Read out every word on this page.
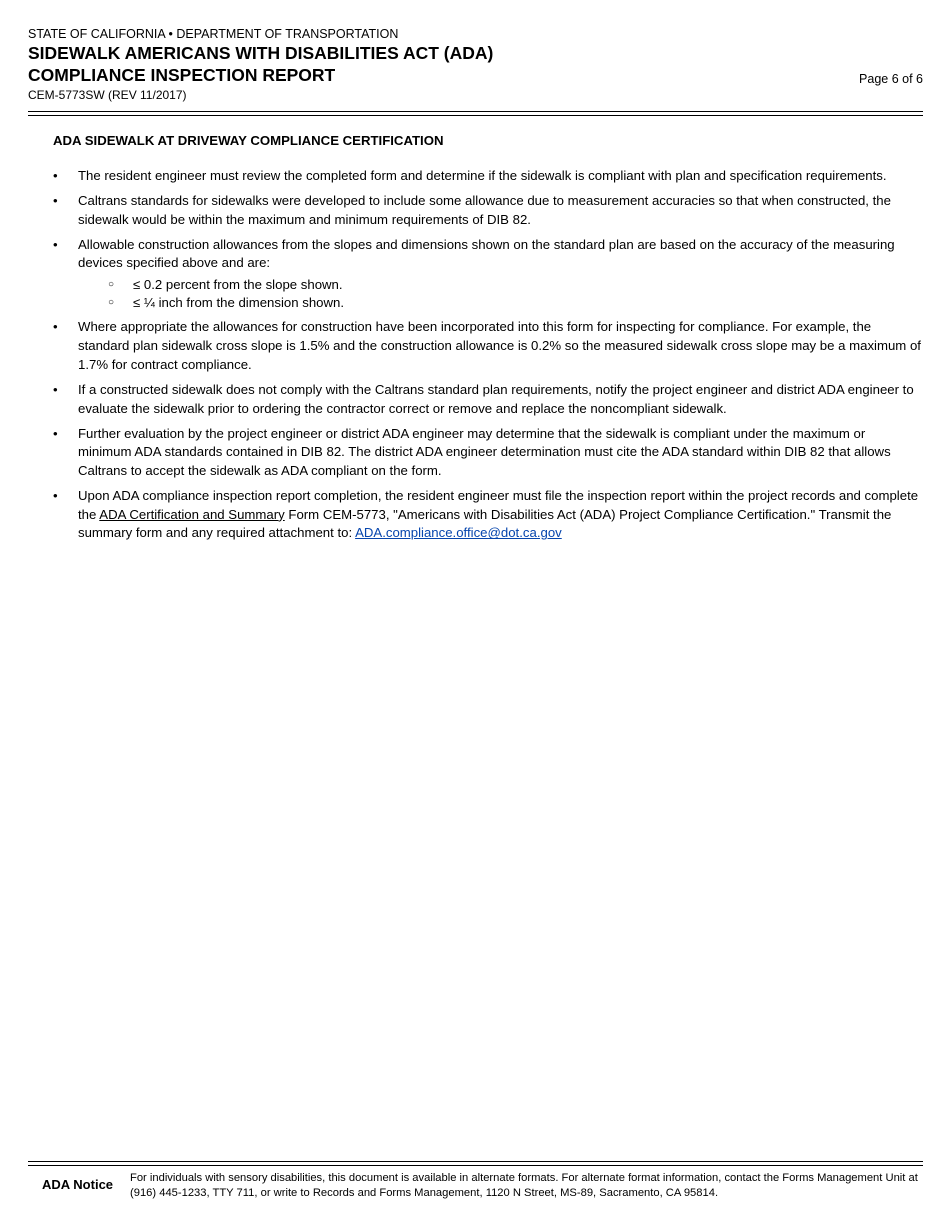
STATE OF CALIFORNIA • DEPARTMENT OF TRANSPORTATION
SIDEWALK AMERICANS WITH DISABILITIES ACT (ADA)
COMPLIANCE INSPECTION REPORT
CEM-5773SW (REV 11/2017)
Page 6 of 6
ADA SIDEWALK AT DRIVEWAY COMPLIANCE CERTIFICATION
• The resident engineer must review the completed form and determine if the sidewalk is compliant with plan and specification requirements.
• Caltrans standards for sidewalks were developed to include some allowance due to measurement accuracies so that when constructed, the sidewalk would be within the maximum and minimum requirements of DIB 82.
• Allowable construction allowances from the slopes and dimensions shown on the standard plan are based on the accuracy of the measuring devices specified above and are:
○ ≤ 0.2 percent from the slope shown.
○ ≤ ¼ inch from the dimension shown.
• Where appropriate the allowances for construction have been incorporated into this form for inspecting for compliance. For example, the standard plan sidewalk cross slope is 1.5% and the construction allowance is 0.2% so the measured sidewalk cross slope may be a maximum of 1.7% for contract compliance.
• If a constructed sidewalk does not comply with the Caltrans standard plan requirements, notify the project engineer and district ADA engineer to evaluate the sidewalk prior to ordering the contractor correct or remove and replace the noncompliant sidewalk.
• Further evaluation by the project engineer or district ADA engineer may determine that the sidewalk is compliant under the maximum or minimum ADA standards contained in DIB 82. The district ADA engineer determination must cite the ADA standard within DIB 82 that allows Caltrans to accept the sidewalk as ADA compliant on the form.
• Upon ADA compliance inspection report completion, the resident engineer must file the inspection report within the project records and complete the ADA Certification and Summary Form CEM-5773, "Americans with Disabilities Act (ADA) Project Compliance Certification." Transmit the summary form and any required attachment to: ADA.compliance.office@dot.ca.gov
ADA Notice For individuals with sensory disabilities, this document is available in alternate formats. For alternate format information, contact the Forms Management Unit at (916) 445-1233, TTY 711, or write to Records and Forms Management, 1120 N Street, MS-89, Sacramento, CA 95814.
